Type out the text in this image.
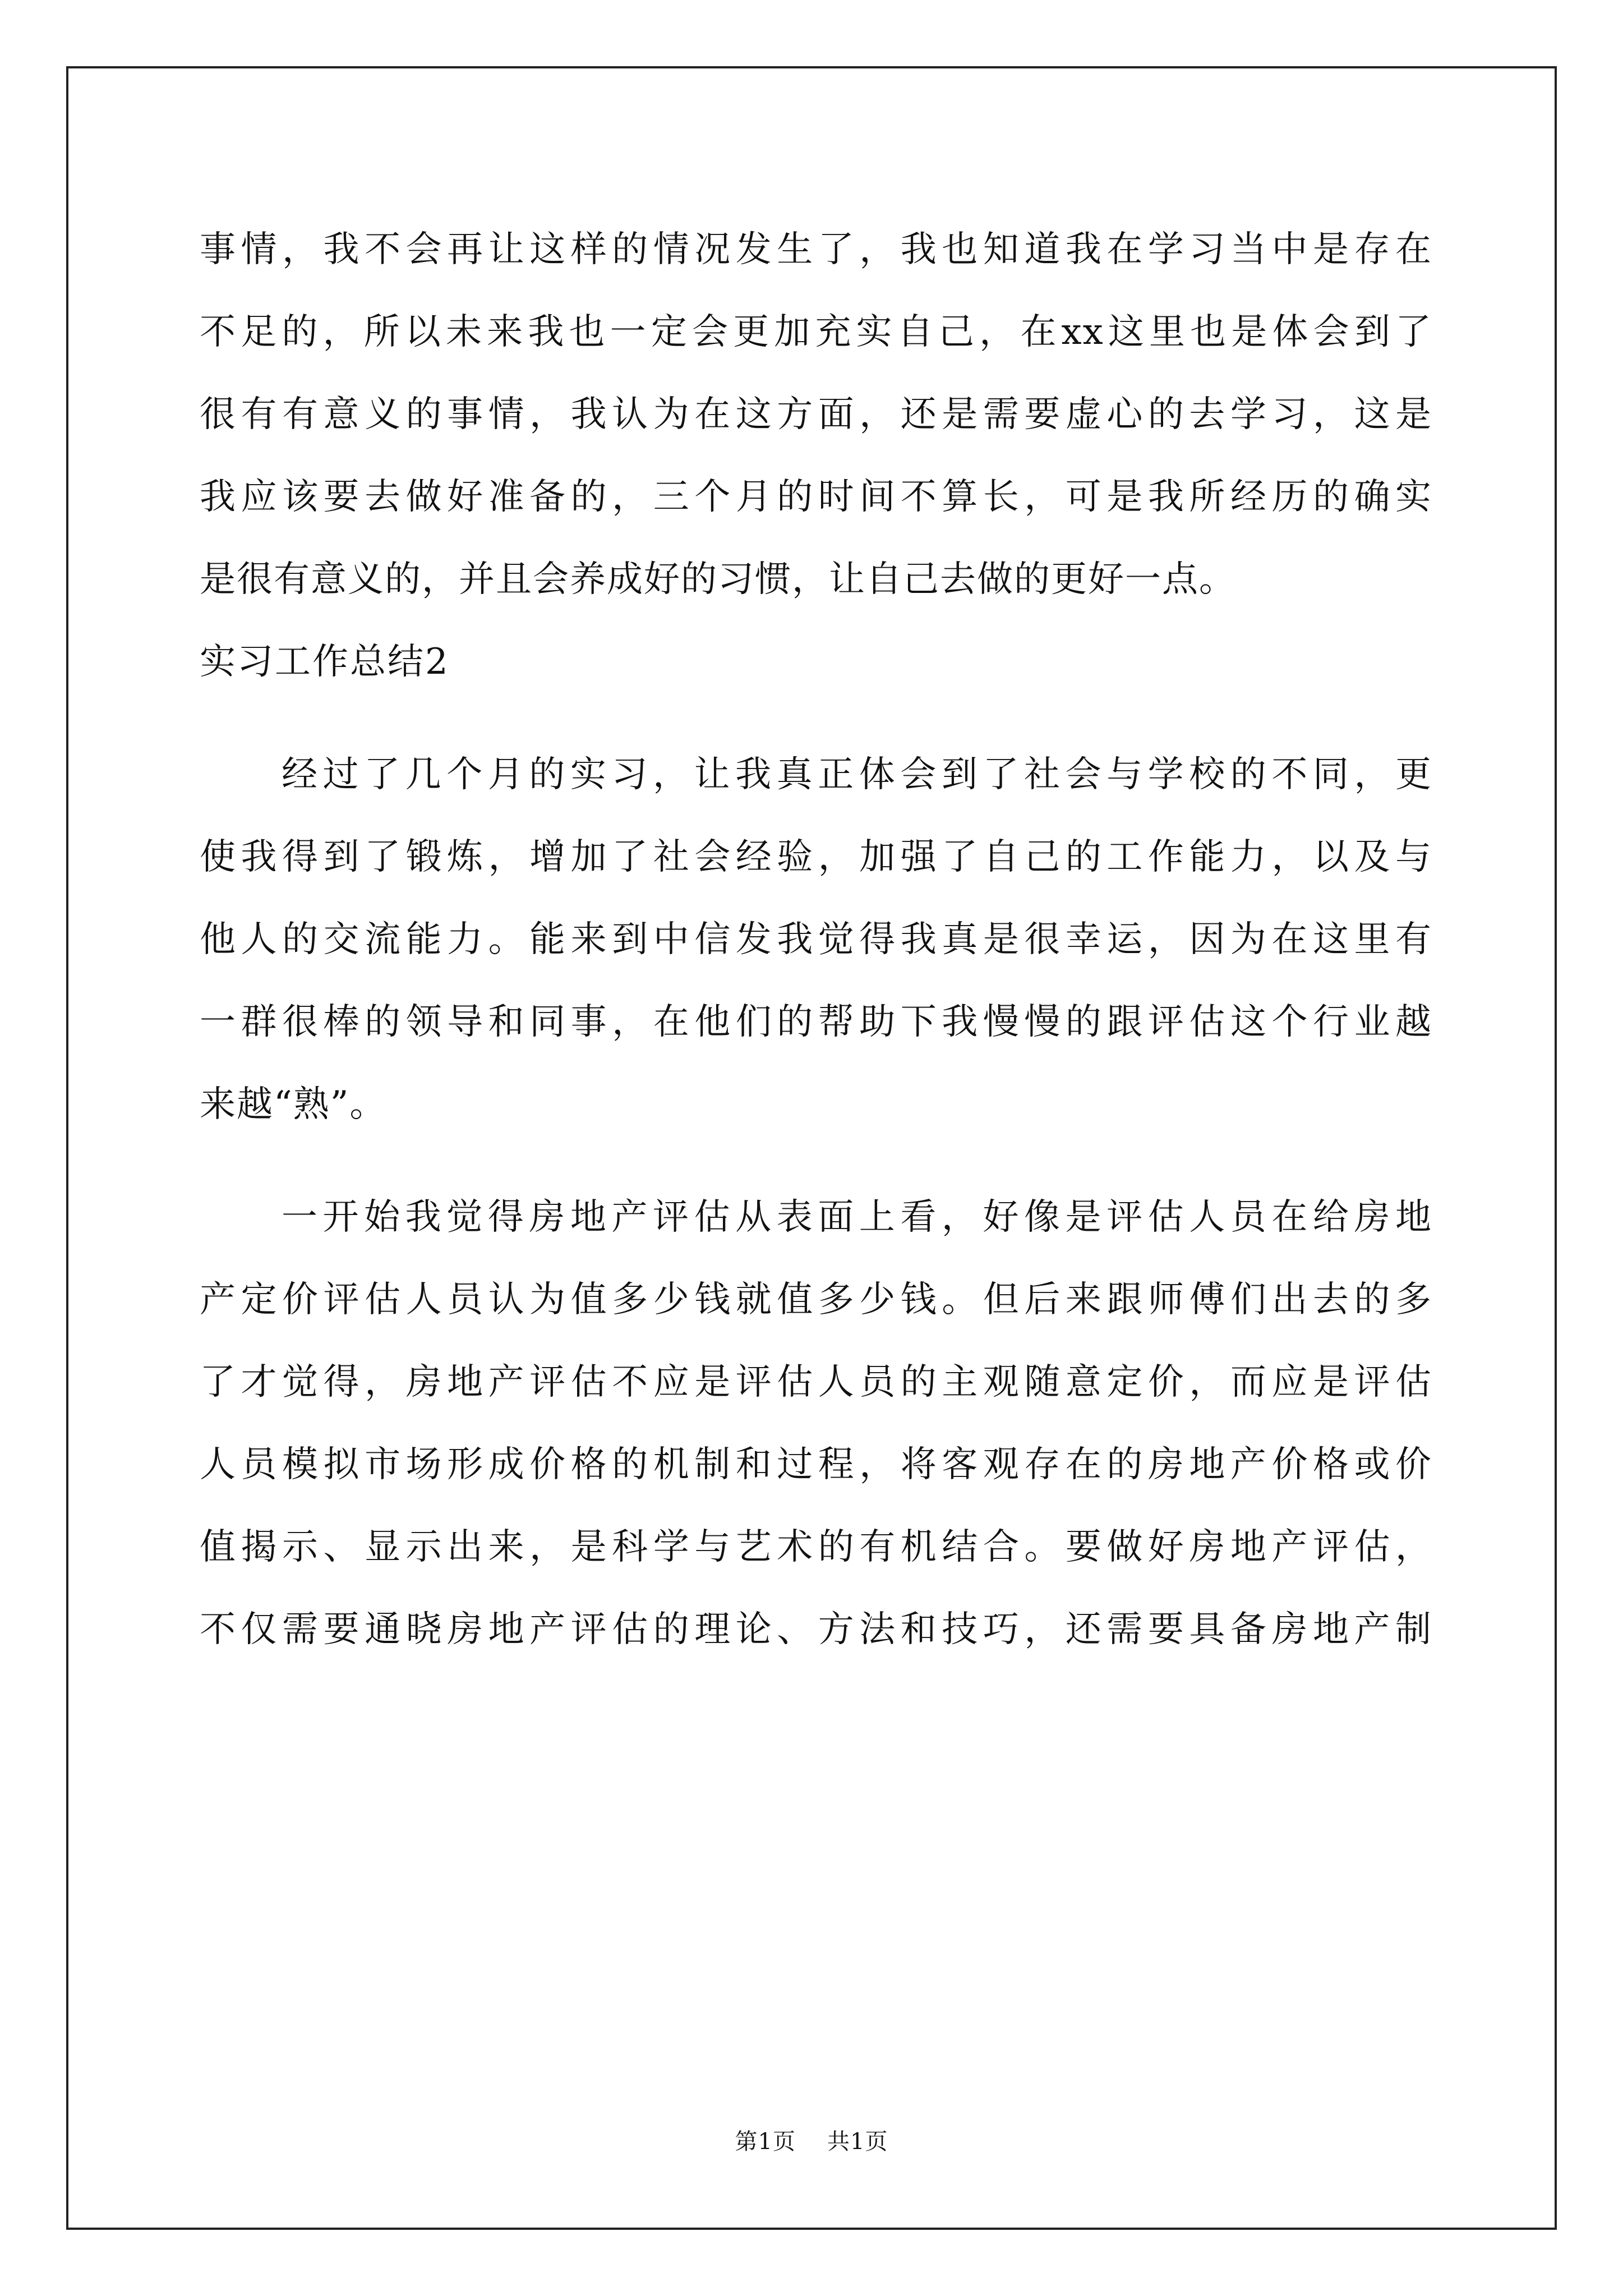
事情，我不会再让这样的情况发生了，我也知道我在学习当中是存在
不足的，所以未来我也一定会更加充实自己，在xx这里也是体会到了
很有有意义的事情，我认为在这方面，还是需要虚心的去学习，这是
我应该要去做好准备的，三个月的时间不算长，可是我所经历的确实
是很有意义的，并且会养成好的习惯，让自己去做的更好一点。
实习工作总结2
经过了几个月的实习，让我真正体会到了社会与学校的不同，更
使我得到了锻炼，增加了社会经验，加强了自己的工作能力，以及与
他人的交流能力。能来到中信发我觉得我真是很幸运，因为在这里有
一群很棒的领导和同事，在他们的帮助下我慢慢的跟评估这个行业越
来越“熟”。
一开始我觉得房地产评估从表面上看，好像是评估人员在给房地
产定价评估人员认为值多少钱就值多少钱。但后来跟师傅们出去的多
了才觉得，房地产评估不应是评估人员的主观随意定价，而应是评估
人员模拟市场形成价格的机制和过程，将客观存在的房地产价格或价
值揭示、显示出来，是科学与艺术的有机结合。要做好房地产评估，
不仅需要通晓房地产评估的理论、方法和技巧，还需要具备房地产制
第1页 共1页
